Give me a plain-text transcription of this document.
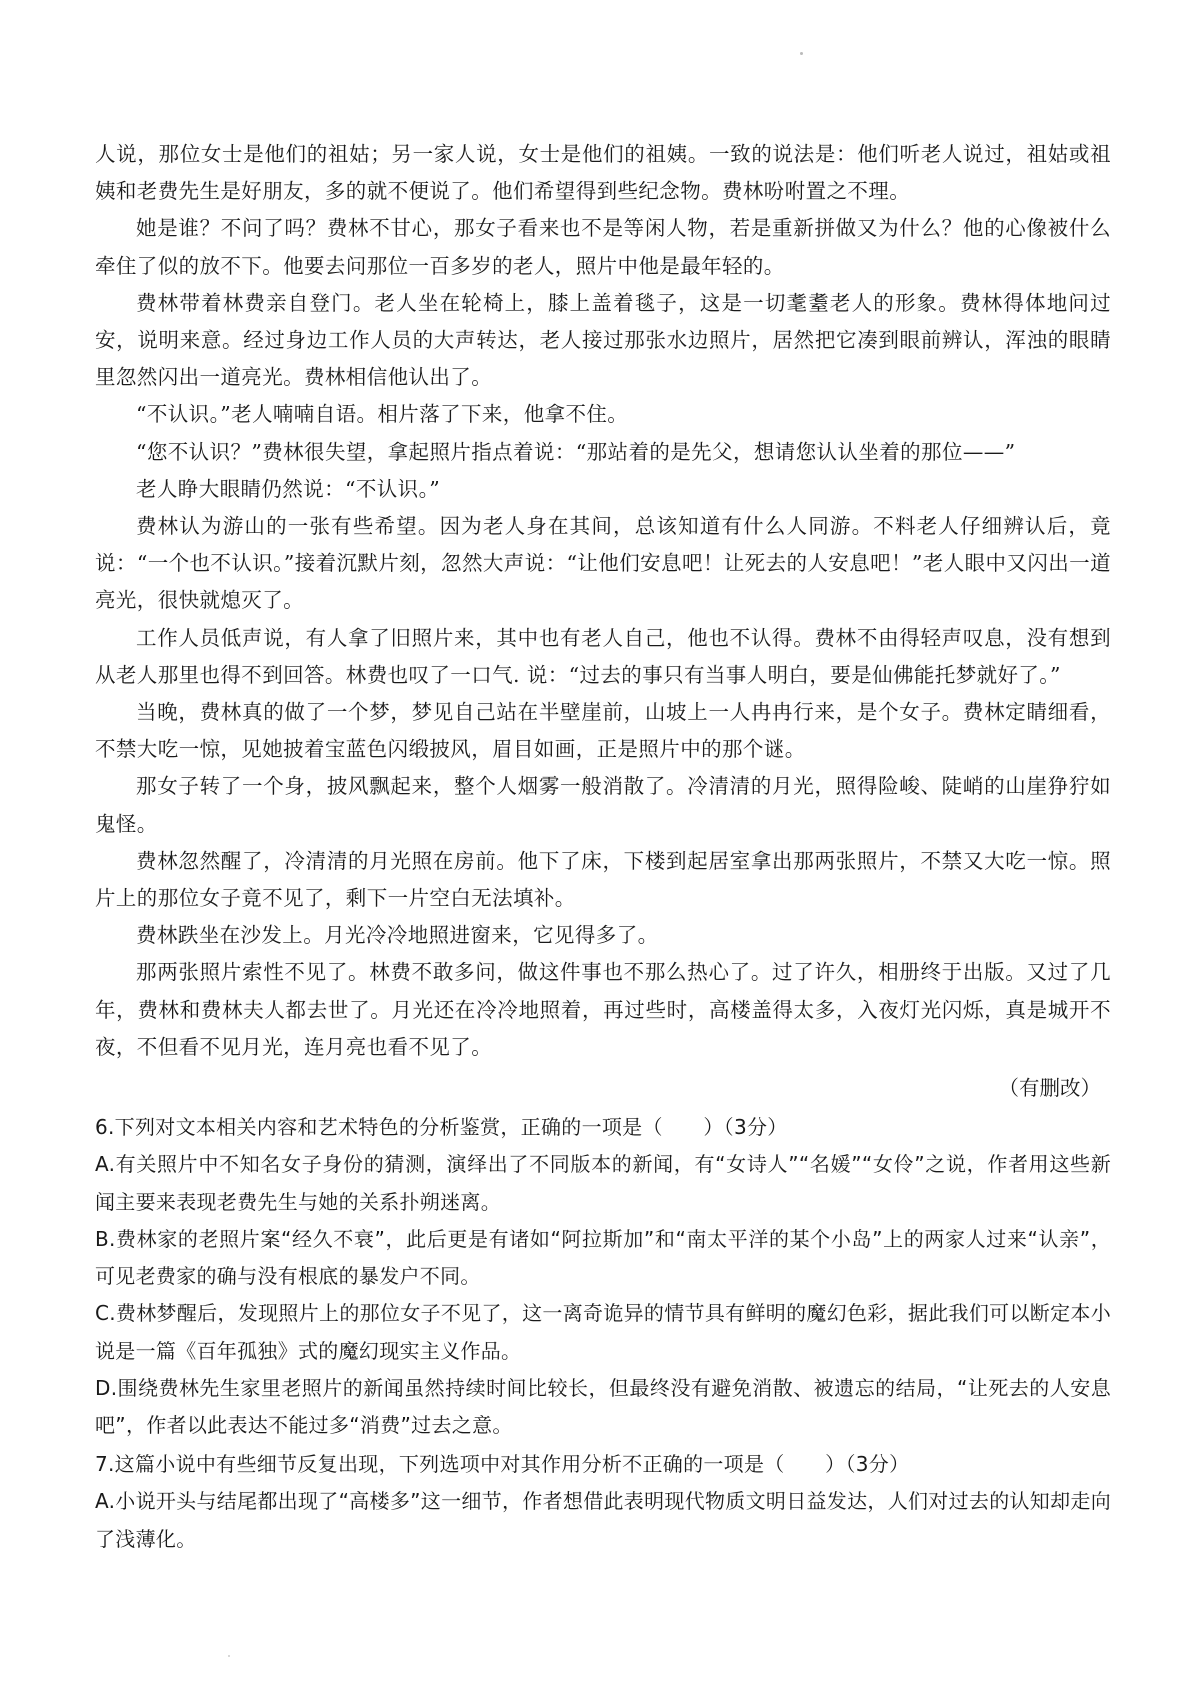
人说，那位女士是他们的祖姑；另一家人说，女士是他们的祖姨。一致的说法是：他们听老人说过，祖姑或祖姨和老费先生是好朋友，多的就不便说了。他们希望得到些纪念物。费林吩咐置之不理。

她是谁？不问了吗？费林不甘心，那女子看来也不是等闲人物，若是重新拼做又为什么？他的心像被什么牵住了似的放不下。他要去问那位一百多岁的老人，照片中他是最年轻的。

费林带着林费亲自登门。老人坐在轮椅上，膝上盖着毯子，这是一切耄耋老人的形象。费林得体地问过安，说明来意。经过身边工作人员的大声转达，老人接过那张水边照片，居然把它凑到眼前辨认，浑浊的眼睛里忽然闪出一道亮光。费林相信他认出了。

“不认识。”老人喃喃自语。相片落了下来，他拿不住。

“您不认识？”费林很失望，拿起照片指点着说：“那站着的是先父，想请您认认坐着的那位——”

老人睁大眼睛仍然说：“不认识。”

费林认为游山的一张有些希望。因为老人身在其间，总该知道有什么人同游。不料老人仔细辨认后，竟说：“一个也不认识。”接着沉默片刻，忽然大声说：“让他们安息吧！让死去的人安息吧！”老人眼中又闪出一道亮光，很快就熄灭了。

工作人员低声说，有人拿了旧照片来，其中也有老人自己，他也不认得。费林不由得轻声叹息，没有想到从老人那里也得不到回答。林费也叹了一口气. 说：“过去的事只有当事人明白，要是仙佛能托梦就好了。”

当晚，费林真的做了一个梦，梦见自己站在半壁崖前，山坡上一人冉冉行来，是个女子。费林定睛细看，不禁大吃一惊，见她披着宝蓝色闪缎披风，眉目如画，正是照片中的那个谜。

那女子转了一个身，披风飘起来，整个人烟雾一般消散了。冷清清的月光，照得险峻、陡峭的山崖狰狞如鬼怪。

费林忽然醒了，冷清清的月光照在房前。他下了床，下楼到起居室拿出那两张照片，不禁又大吃一惊。照片上的那位女子竟不见了，剩下一片空白无法填补。

费林跌坐在沙发上。月光冷冷地照进窗来，它见得多了。

那两张照片索性不见了。林费不敢多问，做这件事也不那么热心了。过了许久，相册终于出版。又过了几年，费林和费林夫人都去世了。月光还在冷冷地照着，再过些时，高楼盖得太多，入夜灯光闪烁，真是城开不夜，不但看不见月光，连月亮也看不见了。

（有删改）

6.下列对文本相关内容和艺术特色的分析鉴赏，正确的一项是（　　）（3分）

A.有关照片中不知名女子身份的猜测，演绎出了不同版本的新闻，有“女诗人”“名媛”“女伶”之说，作者用这些新闻主要来表现老费先生与她的关系扑朔迷离。

B.费林家的老照片案“经久不衰”，此后更是有诸如“阿拉斯加”和“南太平洋的某个小岛”上的两家人过来“认亲”，可见老费家的确与没有根底的暴发户不同。

C.费林梦醒后，发现照片上的那位女子不见了，这一离奇诡异的情节具有鲜明的魔幻色彩，据此我们可以断定本小说是一篇《百年孤独》式的魔幻现实主义作品。

D.围绕费林先生家里老照片的新闻虽然持续时间比较长，但最终没有避免消散、被遗忘的结局，“让死去的人安息吧”，作者以此表达不能过多“消费”过去之意。

7.这篇小说中有些细节反复出现，下列选项中对其作用分析不正确的一项是（　　）（3分）

A.小说开头与结尾都出现了“高楼多”这一细节，作者想借此表明现代物质文明日益发达，人们对过去的认知却走向了浅薄化。
